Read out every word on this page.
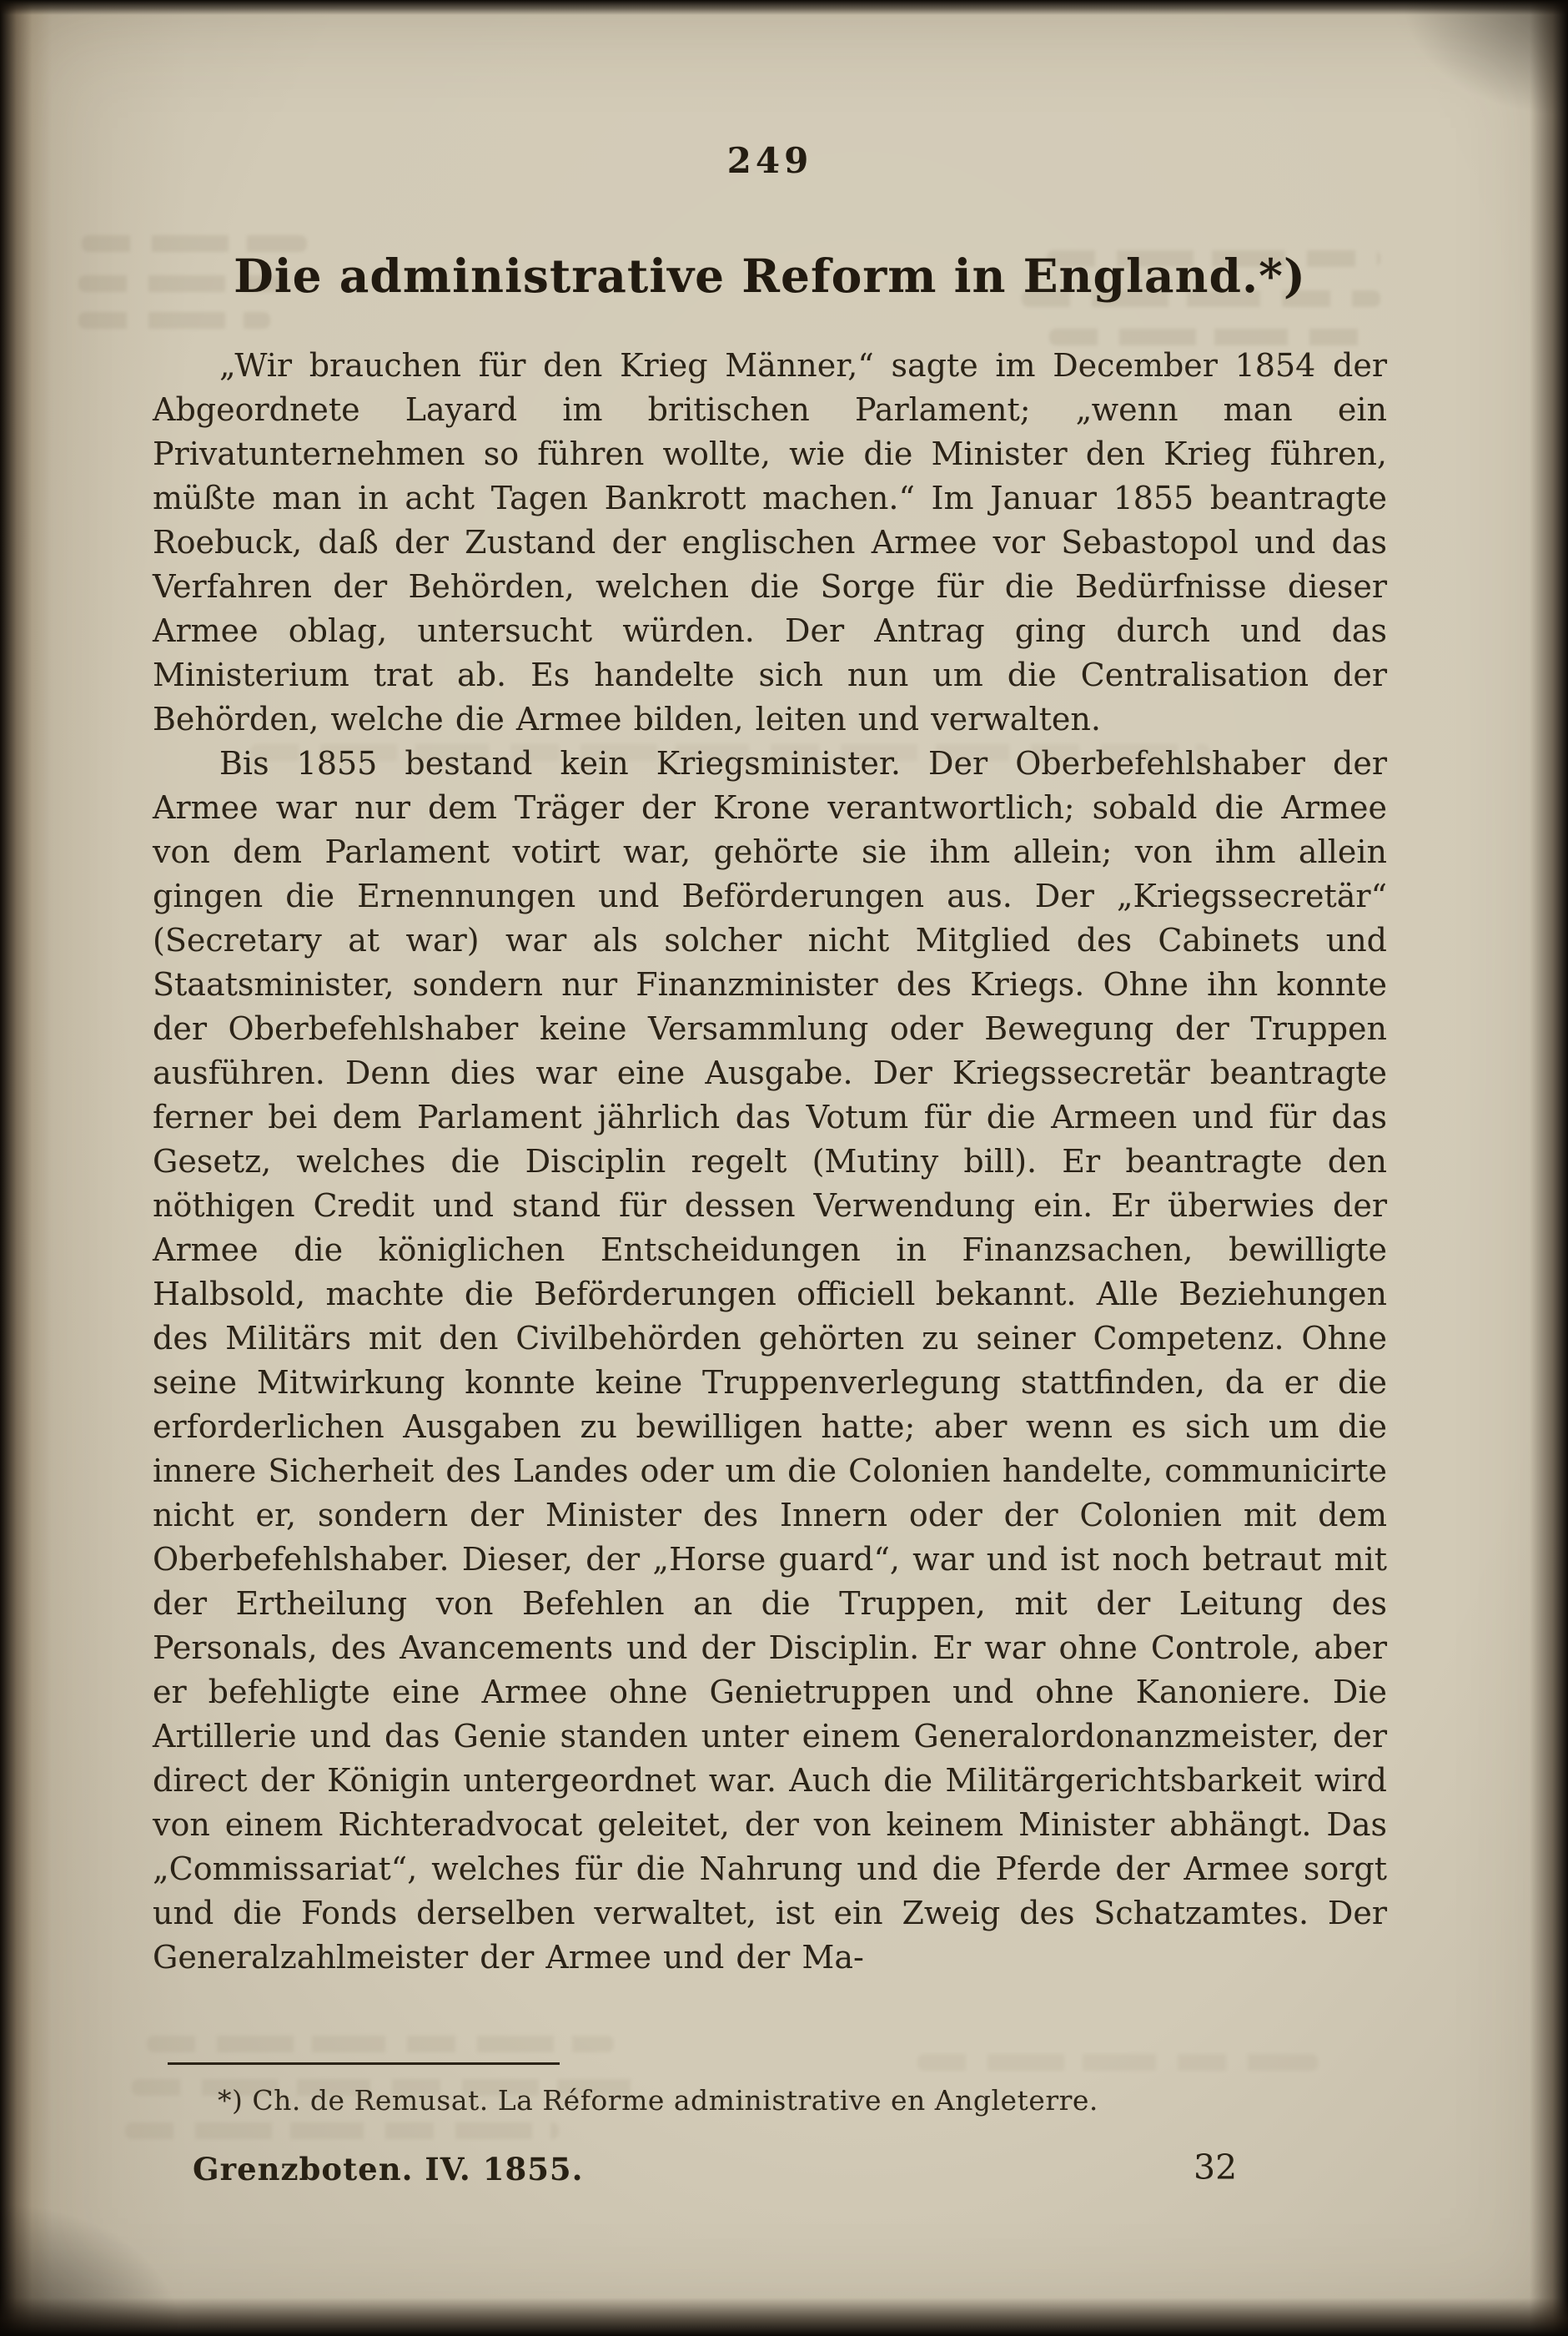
249
Die administrative Reform in England.*)

„Wir brauchen für den Krieg Männer,“ sagte im December 1854 der Abgeordnete Layard im britischen Parlament; „wenn man ein Privatunternehmen so führen wollte, wie die Minister den Krieg führen, müßte man in acht Tagen Bankrott machen.“ Im Januar 1855 beantragte Roebuck, daß der Zustand der englischen Armee vor Sebastopol und das Verfahren der Behörden, welchen die Sorge für die Bedürfnisse dieser Armee oblag, untersucht würden. Der Antrag ging durch und das Ministerium trat ab. Es handelte sich nun um die Centralisation der Behörden, welche die Armee bilden, leiten und verwalten.

Bis 1855 bestand kein Kriegsminister. Der Oberbefehlshaber der Armee war nur dem Träger der Krone verantwortlich; sobald die Armee von dem Parlament votirt war, gehörte sie ihm allein; von ihm allein gingen die Ernennungen und Beförderungen aus. Der „Kriegssecretär“ (Secretary at war) war als solcher nicht Mitglied des Cabinets und Staatsminister, sondern nur Finanzminister des Kriegs. Ohne ihn konnte der Oberbefehlshaber keine Versammlung oder Bewegung der Truppen ausführen. Denn dies war eine Ausgabe. Der Kriegssecretär beantragte ferner bei dem Parlament jährlich das Votum für die Armeen und für das Gesetz, welches die Disciplin regelt (Mutiny bill). Er beantragte den nöthigen Credit und stand für dessen Verwendung ein. Er überwies der Armee die königlichen Entscheidungen in Finanzsachen, bewilligte Halbsold, machte die Beförderungen officiell bekannt. Alle Beziehungen des Militärs mit den Civilbehörden gehörten zu seiner Competenz. Ohne seine Mitwirkung konnte keine Truppenverlegung stattfinden, da er die erforderlichen Ausgaben zu bewilligen hatte; aber wenn es sich um die innere Sicherheit des Landes oder um die Colonien handelte, communicirte nicht er, sondern der Minister des Innern oder der Colonien mit dem Oberbefehlshaber. Dieser, der „Horse guard“, war und ist noch betraut mit der Ertheilung von Befehlen an die Truppen, mit der Leitung des Personals, des Avancements und der Disciplin. Er war ohne Controle, aber er befehligte eine Armee ohne Genietruppen und ohne Kanoniere. Die Artillerie und das Genie standen unter einem Generalordonanzmeister, der direct der Königin untergeordnet war. Auch die Militärgerichtsbarkeit wird von einem Richteradvocat geleitet, der von keinem Minister abhängt. Das „Commissariat“, welches für die Nahrung und die Pferde der Armee sorgt und die Fonds derselben verwaltet, ist ein Zweig des Schatzamtes. Der Generalzahlmeister der Armee und der Ma-

*) Ch. de Remusat. La Réforme administrative en Angleterre.
Grenzboten. IV. 1855.	32
